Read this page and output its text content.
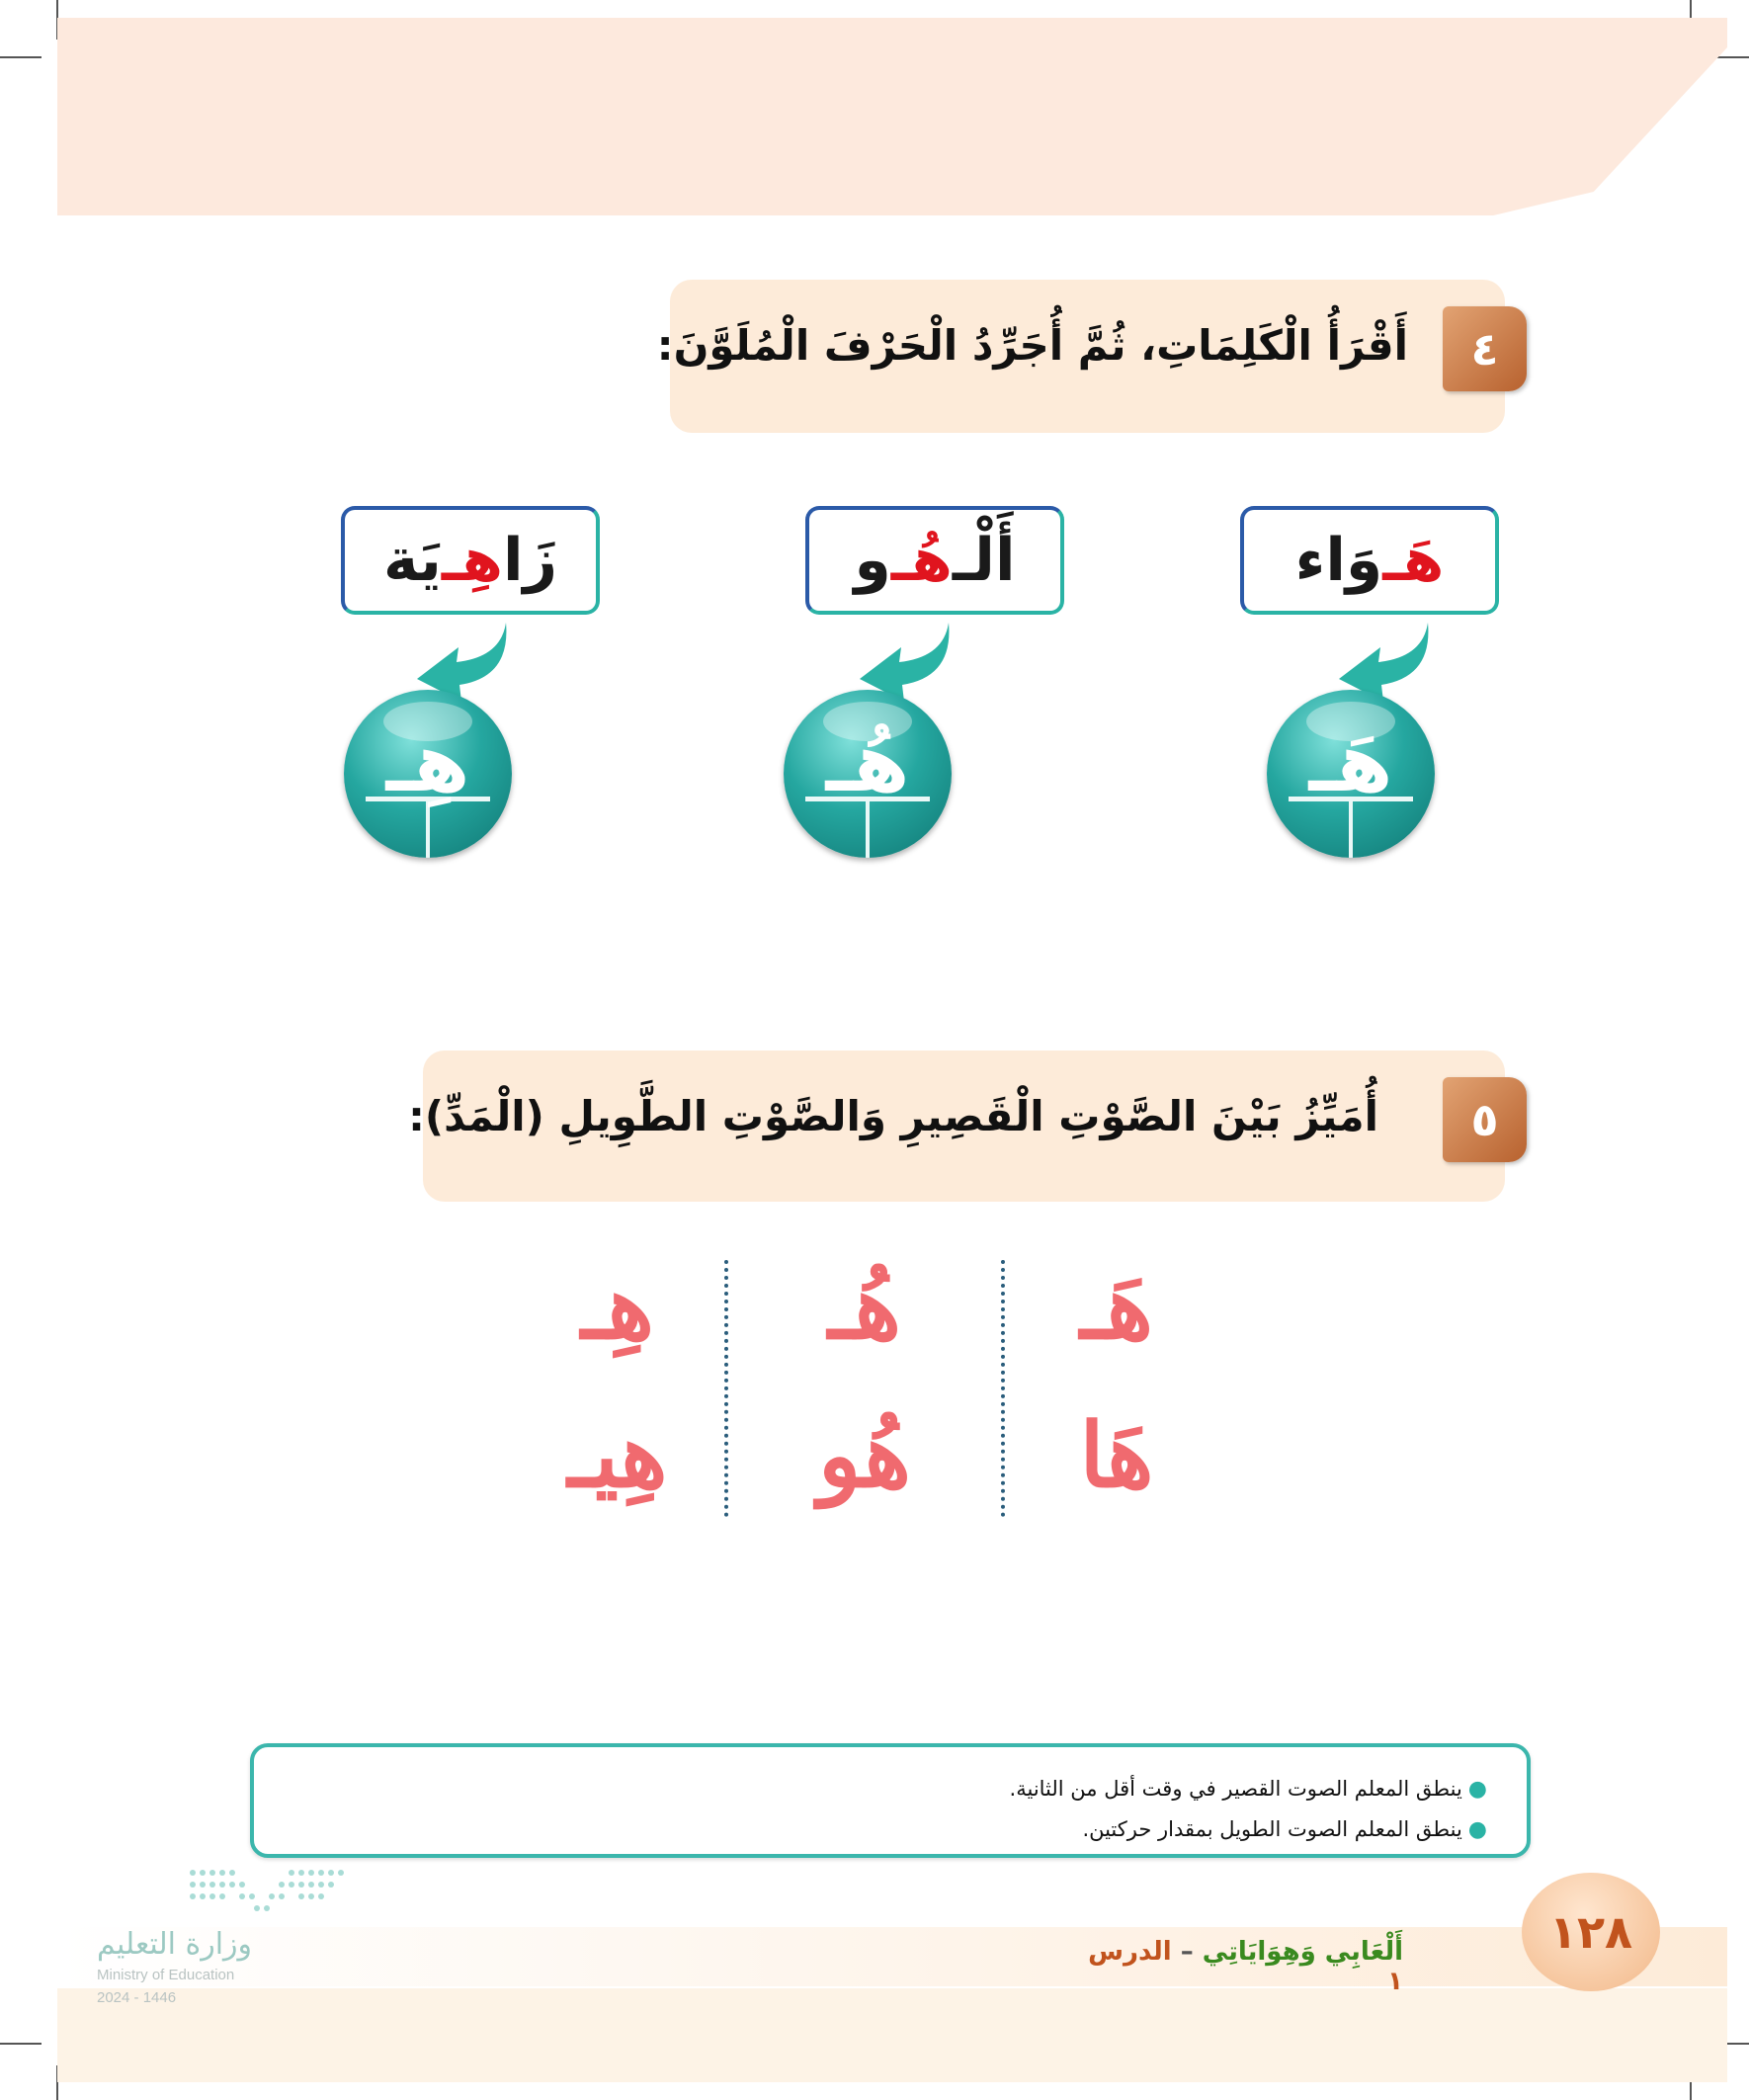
٤
أَقْرَأُ الْكَلِمَاتِ، ثُمَّ أُجَرِّدُ الْحَرْفَ الْمُلَوَّنَ:
هَـ
وَاء
هَـ
أَلْـ
هُـ
و
هُـ
زَا
هِـ
يَة
هِـ
٥
أُمَيِّزُ بَيْنَ الصَّوْتِ الْقَصِيرِ وَالصَّوْتِ الطَّوِيلِ (الْمَدِّ):
هَـ
هَا
هُـ
هُو
هِـ
هِيـ
●ينطق المعلم الصوت القصير في وقت أقل من الثانية.
●ينطق المعلم الصوت الطويل بمقدار حركتين.
١٢٨
أَلْعَابِي وَهِوَايَاتِي – الدرس ١
وزارة التعليم
Ministry of Education
2024 - 1446
